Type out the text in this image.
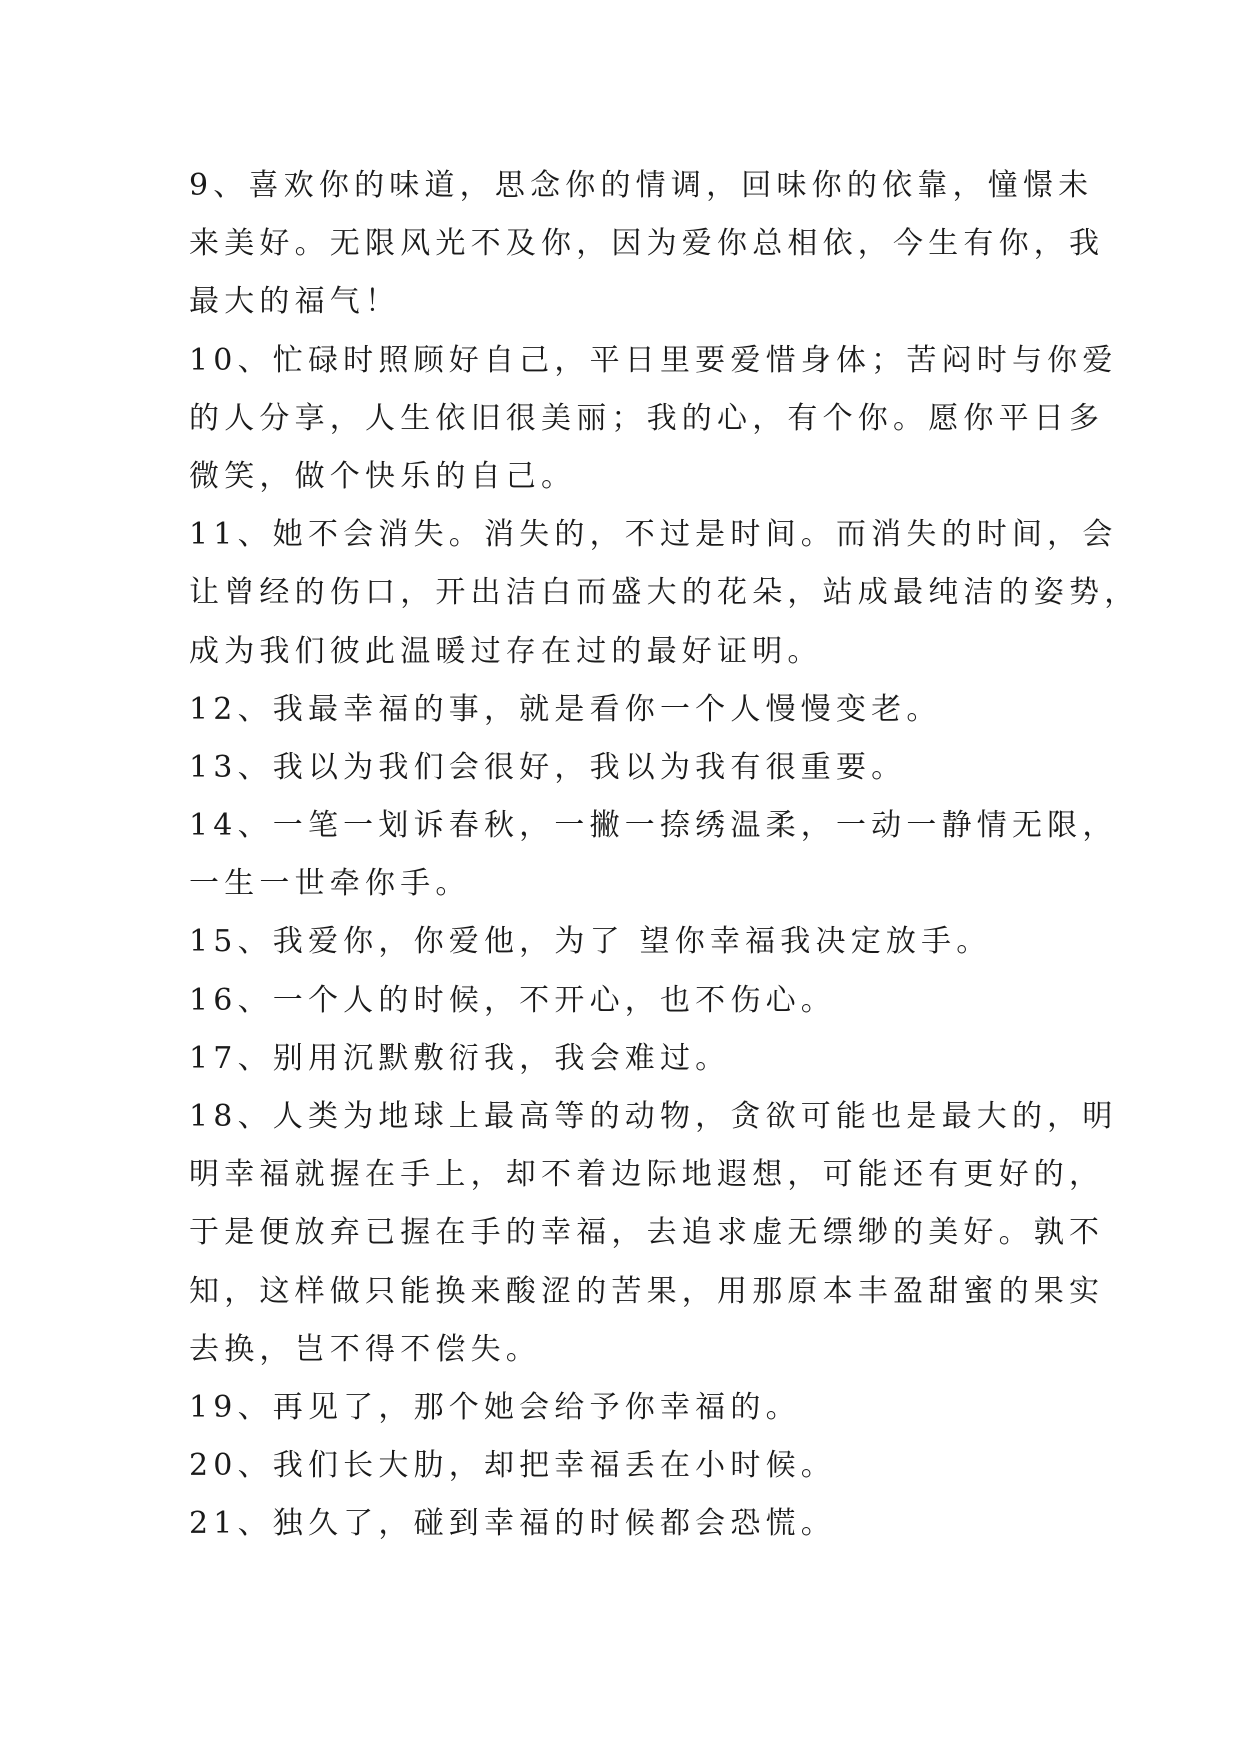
9、喜欢你的味道，思念你的情调，回味你的依靠，憧憬未
来美好。无限风光不及你，因为爱你总相依，今生有你，我
最大的福气！
10、忙碌时照顾好自己，平日里要爱惜身体；苦闷时与你爱
的人分享，人生依旧很美丽；我的心，有个你。愿你平日多
微笑，做个快乐的自己。
11、她不会消失。消失的，不过是时间。而消失的时间，会
让曾经的伤口，开出洁白而盛大的花朵，站成最纯洁的姿势，
成为我们彼此温暖过存在过的最好证明。
12、我最幸福的事，就是看你一个人慢慢变老。
13、我以为我们会很好，我以为我有很重要。
14、一笔一划诉春秋，一撇一捺绣温柔，一动一静情无限，
一生一世牵你手。
15、我爱你，你爱他，为了 望你幸福我决定放手。
16、一个人的时候，不开心，也不伤心。
17、别用沉默敷衍我，我会难过。
18、人类为地球上最高等的动物，贪欲可能也是最大的，明
明幸福就握在手上，却不着边际地遐想，可能还有更好的，
于是便放弃已握在手的幸福，去追求虚无缥缈的美好。孰不
知，这样做只能换来酸涩的苦果，用那原本丰盈甜蜜的果实
去换，岂不得不偿失。
19、再见了，那个她会给予你幸福的。
20、我们长大肋，却把幸福丢在小时候。
21、独久了，碰到幸福的时候都会恐慌。
